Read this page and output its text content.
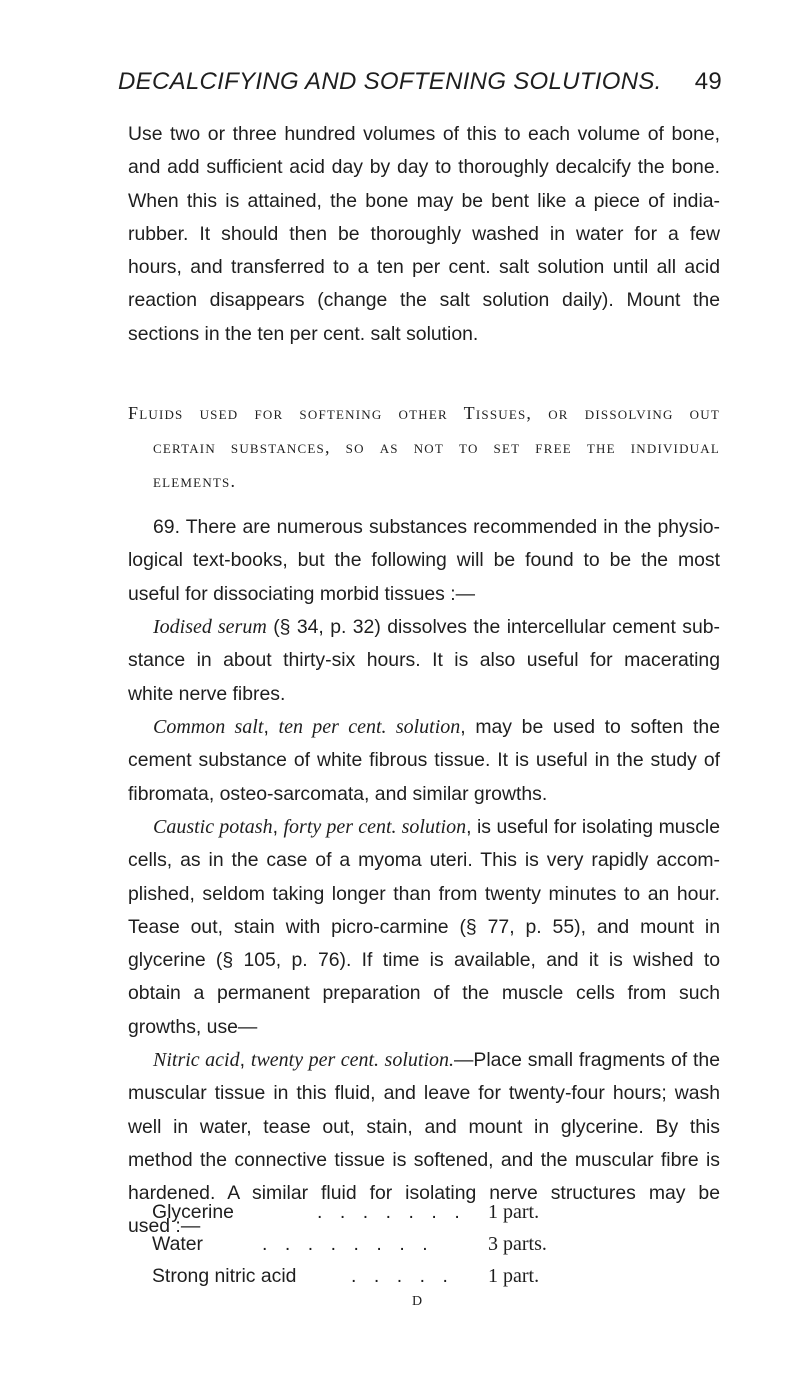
DECALCIFYING AND SOFTENING SOLUTIONS. 49
Use two or three hundred volumes of this to each volume of bone,
and add sufficient acid day by day to thoroughly decalcify the bone.
When this is attained, the bone may be bent like a piece of india-
rubber. It should then be thoroughly washed in water for a few
hours, and transferred to a ten per cent. salt solution until all acid
reaction disappears (change the salt solution daily). Mount the
sections in the ten per cent. salt solution.
Fluids used for softening other Tissues, or dissolving out
certain substances, so as not to set free the individual
elements.
69. There are numerous substances recommended in the physio-
logical text-books, but the following will be found to be the most
useful for dissociating morbid tissues :—
Iodised serum (§ 34, p. 32) dissolves the intercellular cement sub-
stance in about thirty-six hours. It is also useful for macerating
white nerve fibres.
Common salt, ten per cent. solution, may be used to soften the
cement substance of white fibrous tissue. It is useful in the study of
fibromata, osteo-sarcomata, and similar growths.
Caustic potash, forty per cent. solution, is useful for isolating muscle
cells, as in the case of a myoma uteri. This is very rapidly accom-
plished, seldom taking longer than from twenty minutes to an hour.
Tease out, stain with picro-carmine (§ 77, p. 55), and mount in
glycerine (§ 105, p. 76). If time is available, and it is wished to
obtain a permanent preparation of the muscle cells from such
growths, use—
Nitric acid, twenty per cent. solution.—Place small fragments of the
muscular tissue in this fluid, and leave for twenty-four hours; wash
well in water, tease out, stain, and mount in glycerine. By this
method the connective tissue is softened, and the muscular fibre is
hardened. A similar fluid for isolating nerve structures may be
used :—
Glycerine	....... 1 part.
Water	........ 3 parts.
Strong nitric acid	..... 1 part.
D
